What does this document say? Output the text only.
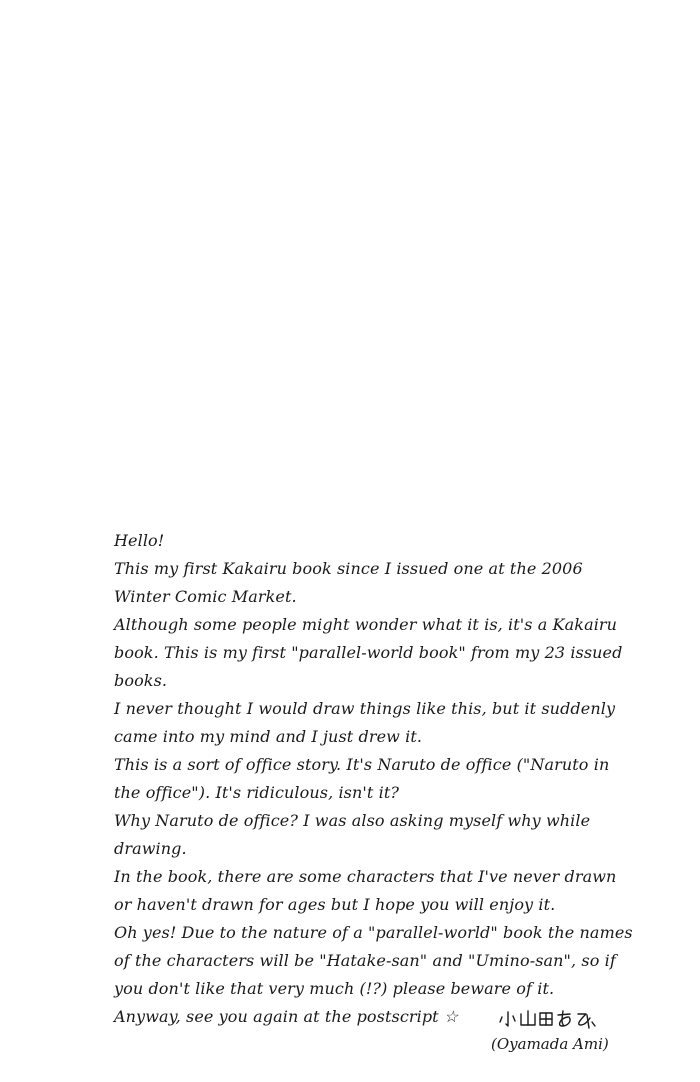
Hello!
This my first Kakairu book since I issued one at the 2006
Winter Comic Market.
Although some people might wonder what it is, it's a Kakairu
book. This is my first "parallel-world book" from my 23 issued
books.
I never thought I would draw things like this, but it suddenly
came into my mind and I just drew it.
This is a sort of office story. It's Naruto de office ("Naruto in
the office"). It's ridiculous, isn't it?
Why Naruto de office? I was also asking myself why while
drawing.
In the book, there are some characters that I've never drawn
or haven't drawn for ages but I hope you will enjoy it.
Oh yes! Due to the nature of a "parallel-world" book the names
of the characters will be "Hatake-san" and "Umino-san", so if
you don't like that very much (!?) please beware of it.
Anyway, see you again at the postscript ☆
(Oyamada Ami)
